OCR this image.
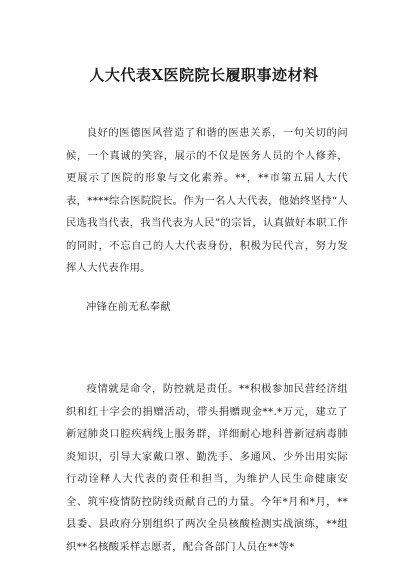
人大代表X医院院长履职事迹材料

良好的医德医风营造了和谐的医患关系，一句关切的问候，一个真诚的笑容，展示的不仅是医务人员的个人修养，更展示了医院的形象与文化素养。**，**市第五届人大代表，****综合医院院长。作为一名人大代表，他始终坚持“人民选我当代表，我当代表为人民”的宗旨，认真做好本职工作的同时，不忘自己的人大代表身份，积极为民代言，努力发挥人大代表作用。

冲锋在前无私奉献

疫情就是命令，防控就是责任。**积极参加民营经济组织和红十字会的捐赠活动，带头捐赠现金**.*万元，建立了新冠肺炎口腔疾病线上服务群，详细耐心地科普新冠病毒肺炎知识，引导大家戴口罩、勤洗手、多通风、少外出用实际行动诠释人大代表的责任和担当，为维护人民生命健康安全、筑牢疫情防控防线贡献自己的力量。今年*月和*月，**县委、县政府分别组织了两次全员核酸检测实战演练，**组织**名核酸采样志愿者，配合各部门人员在**等*
